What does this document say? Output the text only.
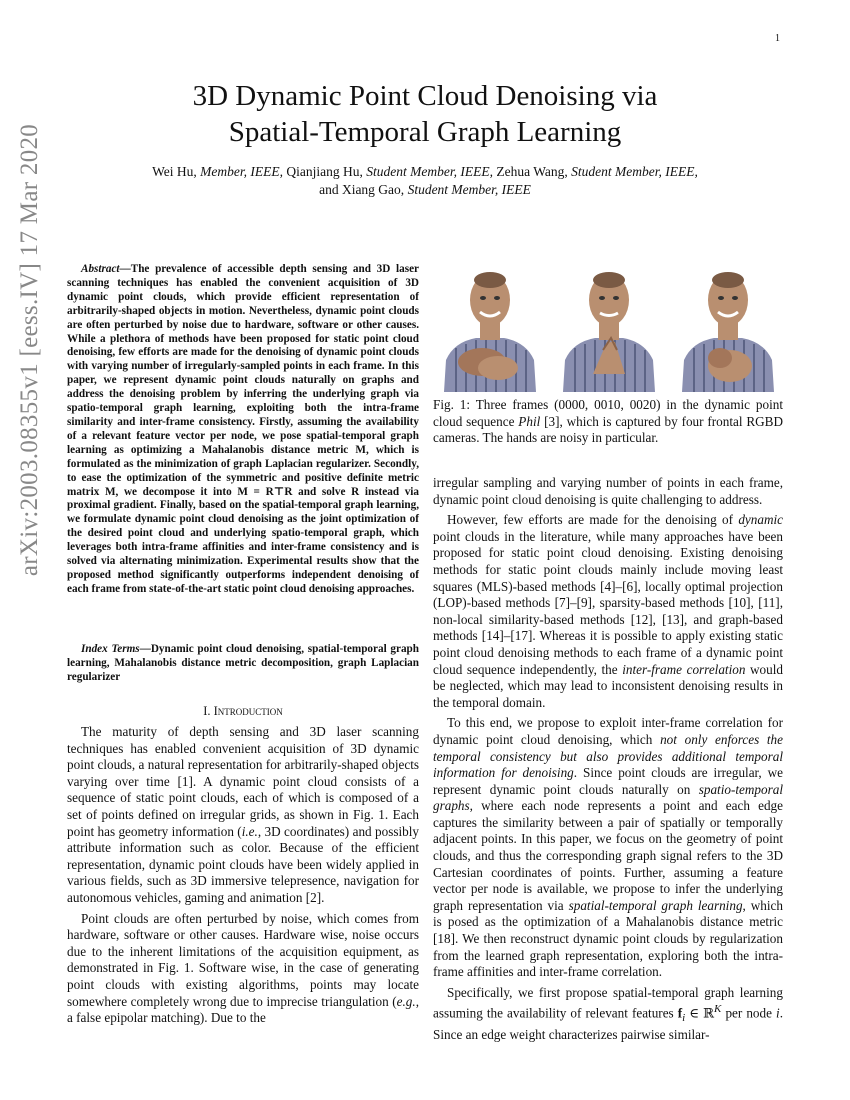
1
arXiv:2003.08355v1 [eess.IV] 17 Mar 2020
3D Dynamic Point Cloud Denoising via
Spatial-Temporal Graph Learning
Wei Hu, Member, IEEE, Qianjiang Hu, Student Member, IEEE, Zehua Wang, Student Member, IEEE,
and Xiang Gao, Student Member, IEEE

Abstract—The prevalence of accessible depth sensing and 3D laser scanning techniques has enabled the convenient acquisition of 3D dynamic point clouds, which provide efficient representation of arbitrarily-shaped objects in motion. Nevertheless, dynamic point clouds are often perturbed by noise due to hardware, software or other causes. While a plethora of methods have been proposed for static point cloud denoising, few efforts are made for the denoising of dynamic point clouds with varying number of irregularly-sampled points in each frame. In this paper, we represent dynamic point clouds naturally on graphs and address the denoising problem by inferring the underlying graph via spatio-temporal graph learning, exploiting both the intra-frame similarity and inter-frame consistency. Firstly, assuming the availability of a relevant feature vector per node, we pose spatial-temporal graph learning as optimizing a Mahalanobis distance metric M, which is formulated as the minimization of graph Laplacian regularizer. Secondly, to ease the optimization of the symmetric and positive definite metric matrix M, we decompose it into M = R⊤R and solve R instead via proximal gradient. Finally, based on the spatial-temporal graph learning, we formulate dynamic point cloud denoising as the joint optimization of the desired point cloud and underlying spatio-temporal graph, which leverages both intra-frame affinities and inter-frame consistency and is solved via alternating minimization. Experimental results show that the proposed method significantly outperforms independent denoising of each frame from state-of-the-art static point cloud denoising approaches.

Index Terms—Dynamic point cloud denoising, spatial-temporal graph learning, Mahalanobis distance metric decomposition, graph Laplacian regularizer

I. Introduction

The maturity of depth sensing and 3D laser scanning techniques has enabled convenient acquisition of 3D dynamic point clouds, a natural representation for arbitrarily-shaped objects varying over time [1]. A dynamic point cloud consists of a sequence of static point clouds, each of which is composed of a set of points defined on irregular grids, as shown in Fig. 1. Each point has geometry information (i.e., 3D coordinates) and possibly attribute information such as color. Because of the efficient representation, dynamic point clouds have been widely applied in various fields, such as 3D immersive telepresence, navigation for autonomous vehicles, gaming and animation [2].

Point clouds are often perturbed by noise, which comes from hardware, software or other causes. Hardware wise, noise occurs due to the inherent limitations of the acquisition equipment, as demonstrated in Fig. 1. Software wise, in the case of generating point clouds with existing algorithms, points may locate somewhere completely wrong due to imprecise triangulation (e.g., a false epipolar matching). Due to the

Fig. 1: Three frames (0000, 0010, 0020) in the dynamic point cloud sequence Phil [3], which is captured by four frontal RGBD cameras. The hands are noisy in particular.

irregular sampling and varying number of points in each frame, dynamic point cloud denoising is quite challenging to address.

However, few efforts are made for the denoising of dynamic point clouds in the literature, while many approaches have been proposed for static point cloud denoising. Existing denoising methods for static point clouds mainly include moving least squares (MLS)-based methods [4]–[6], locally optimal projection (LOP)-based methods [7]–[9], sparsity-based methods [10], [11], non-local similarity-based methods [12], [13], and graph-based methods [14]–[17]. Whereas it is possible to apply existing static point cloud denoising methods to each frame of a dynamic point cloud sequence independently, the inter-frame correlation would be neglected, which may lead to inconsistent denoising results in the temporal domain.

To this end, we propose to exploit inter-frame correlation for dynamic point cloud denoising, which not only enforces the temporal consistency but also provides additional temporal information for denoising. Since point clouds are irregular, we represent dynamic point clouds naturally on spatio-temporal graphs, where each node represents a point and each edge captures the similarity between a pair of spatially or temporally adjacent points. In this paper, we focus on the geometry of point clouds, and thus the corresponding graph signal refers to the 3D Cartesian coordinates of points. Further, assuming a feature vector per node is available, we propose to infer the underlying graph representation via spatial-temporal graph learning, which is posed as the optimization of a Mahalanobis distance metric [18]. We then reconstruct dynamic point clouds by regularization from the learned graph representation, exploring both the intra-frame affinities and inter-frame correlation.

Specifically, we first propose spatial-temporal graph learning assuming the availability of relevant features $f_i$ ∈ ℝ$^K$ per node i. Since an edge weight characterizes pairwise similar-
